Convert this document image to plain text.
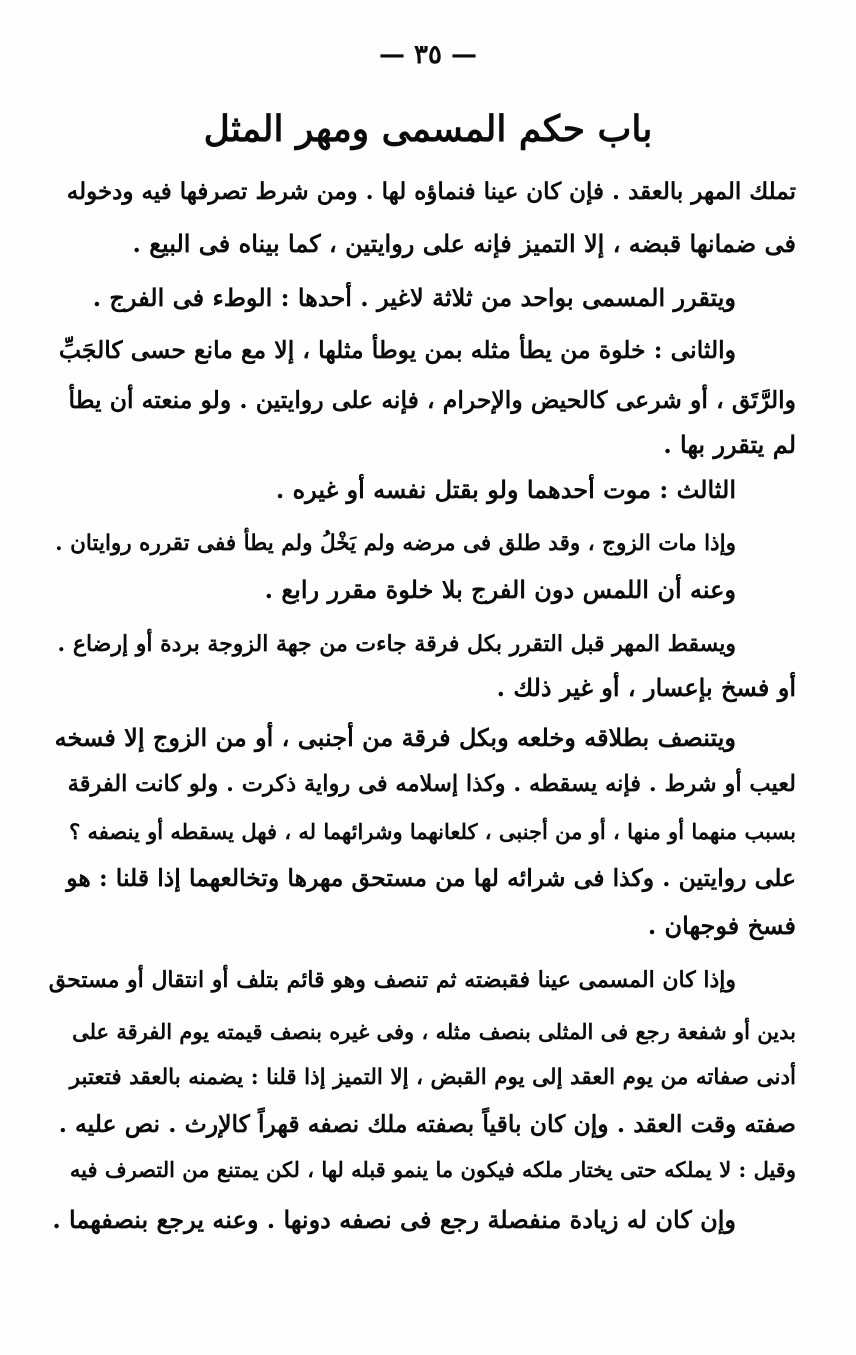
— ٣٥ —
باب حكم المسمى ومهر المثل
تملك المهر بالعقد . فإن كان عينا فنماؤه لها . ومن شرط تصرفها فيه ودخوله
فى ضمانها قبضه ، إلا التميز فإنه على روايتين ، كما بيناه فى البيع .
ويتقرر المسمى بواحد من ثلاثة لاغير . أحدها : الوطء فى الفرج .
والثانى : خلوة من يطأ مثله بمن يوطأ مثلها ، إلا مع مانع حسى كالجَبِّ
والرَّتَق ، أو شرعى كالحيض والإحرام ، فإنه على روايتين . ولو منعته أن يطأ
لم يتقرر بها .
الثالث : موت أحدهما ولو بقتل نفسه أو غيره .
وإذا مات الزوج ، وقد طلق فى مرضه ولم يَخْلُ ولم يطأ ففى تقرره روايتان .
وعنه أن اللمس دون الفرج بلا خلوة مقرر رابع .
ويسقط المهر قبل التقرر بكل فرقة جاءت من جهة الزوجة بردة أو إرضاع .
أو فسخ بإعسار ، أو غير ذلك .
ويتنصف بطلاقه وخلعه وبكل فرقة من أجنبى ، أو من الزوج إلا فسخه
لعيب أو شرط . فإنه يسقطه . وكذا إسلامه فى رواية ذكرت . ولو كانت الفرقة
بسبب منهما أو منها ، أو من أجنبى ، كلعانهما وشرائهما له ، فهل يسقطه أو ينصفه ؟
على روايتين . وكذا فى شرائه لها من مستحق مهرها وتخالعهما إذا قلنا : هو
فسخ فوجهان .
وإذا كان المسمى عينا فقبضته ثم تنصف وهو قائم بتلف أو انتقال أو مستحق
بدين أو شفعة رجع فى المثلى بنصف مثله ، وفى غيره بنصف قيمته يوم الفرقة على
أدنى صفاته من يوم العقد إلى يوم القبض ، إلا التميز إذا قلنا : يضمنه بالعقد فتعتبر
صفته وقت العقد . وإن كان باقياً بصفته ملك نصفه قهراً كالإرث . نص عليه .
وقيل : لا يملكه حتى يختار ملكه فيكون ما ينمو قبله لها ، لكن يمتنع من التصرف فيه
وإن كان له زيادة منفصلة رجع فى نصفه دونها . وعنه يرجع بنصفهما .
